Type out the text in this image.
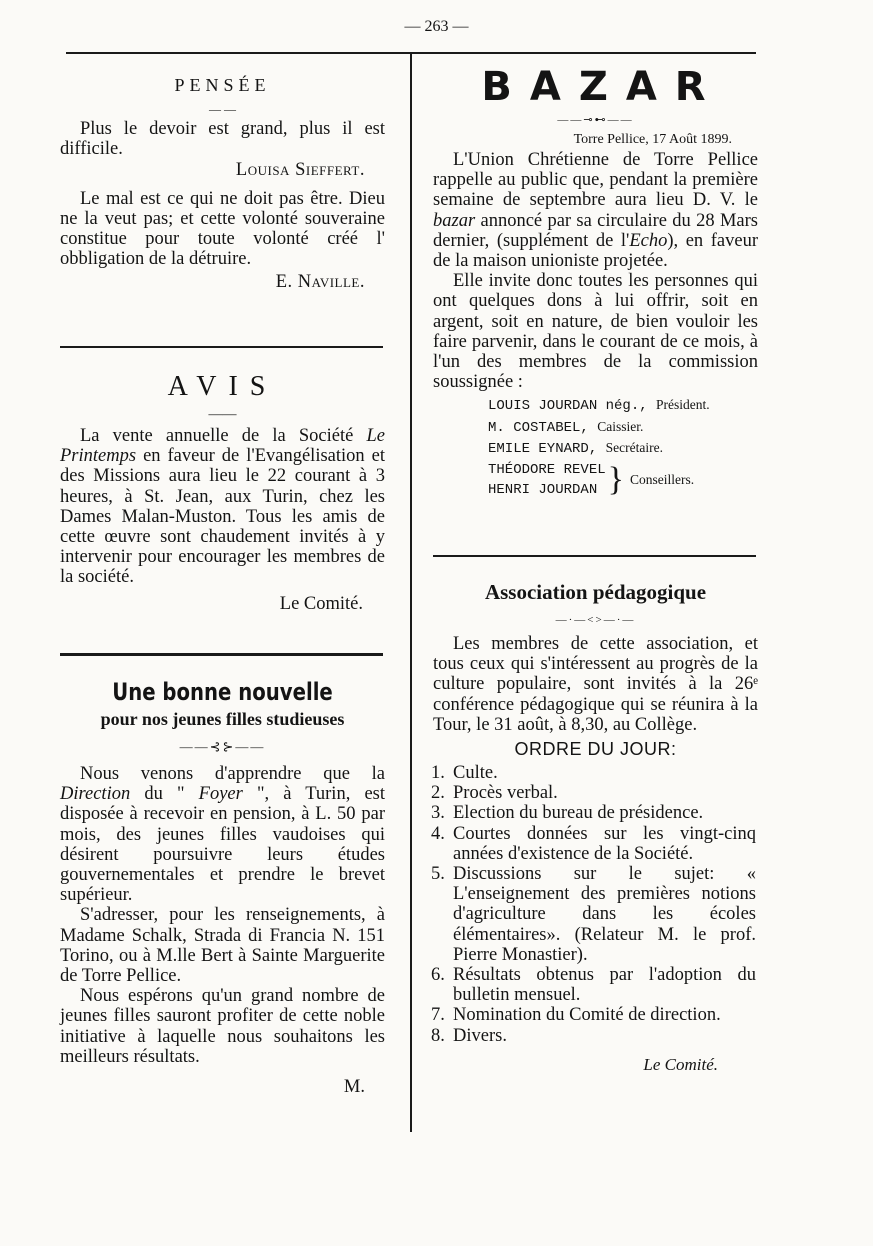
— 263 —
PENSÉE
— —

Plus le devoir est grand, plus il est difficile.

Louisa Sieffert.

Le mal est ce qui ne doit pas être. Dieu ne la veut pas; et cette volonté souveraine constitue pour toute volonté créé l' obbligation de la détruire.

E. Naville.

AVIS
——

La vente annuelle de la Société Le Printemps en faveur de l'Evangélisation et des Missions aura lieu le 22 courant à 3 heures, à St. Jean, aux Turin, chez les Dames Malan-Muston. Tous les amis de cette œuvre sont chaudement invités à y intervenir pour encourager les membres de la société.

Le Comité.

Une bonne nouvelle
pour nos jeunes filles studieuses
——⊰⊱——

Nous venons d'apprendre que la Direction du " Foyer ", à Turin, est disposée à recevoir en pension, à L. 50 par mois, des jeunes filles vaudoises qui désirent poursuivre leurs études gouvernementales et prendre le brevet supérieur.

S'adresser, pour les renseignements, à Madame Schalk, Strada di Francia N. 151 Torino, ou à M.lle Bert à Sainte Marguerite de Torre Pellice.

Nous espérons qu'un grand nombre de jeunes filles sauront profiter de cette noble initiative à laquelle nous souhaitons les meilleurs résultats.

M.

BAZAR
——⊸⊷——

Torre Pellice, 17 Août 1899.

L'Union Chrétienne de Torre Pellice rappelle au public que, pendant la première semaine de septembre aura lieu D. V. le bazar annoncé par sa circulaire du 28 Mars dernier, (supplément de l'Echo), en faveur de la maison unioniste projetée.

Elle invite donc toutes les personnes qui ont quelques dons à lui offrir, soit en argent, soit en nature, de bien vouloir les faire parvenir, dans le courant de ce mois, à l'un des membres de la commission soussignée :

LOUIS JOURDAN nég., Président.
M. COSTABEL, Caissier.
EMILE EYNARD, Secrétaire.
THÉODORE REVEL
HENRI JOURDAN } Conseillers.
Association pédagogique
—·—<>—·—

Les membres de cette association, et tous ceux qui s'intéressent au progrès de la culture populaire, sont invités à la 26ᵉ conférence pédagogique qui se réunira à la Tour, le 31 août, à 8,30, au Collège.

ORDRE DU JOUR:

1. Culte.
2. Procès verbal.
3. Election du bureau de présidence.
4. Courtes données sur les vingt-cinq années d'existence de la Société.
5. Discussions sur le sujet: « L'enseignement des premières notions d'agriculture dans les écoles élémentaires». (Relateur M. le prof. Pierre Monastier).
6. Résultats obtenus par l'adoption du bulletin mensuel.
7. Nomination du Comité de direction.
8. Divers.

Le Comité.
